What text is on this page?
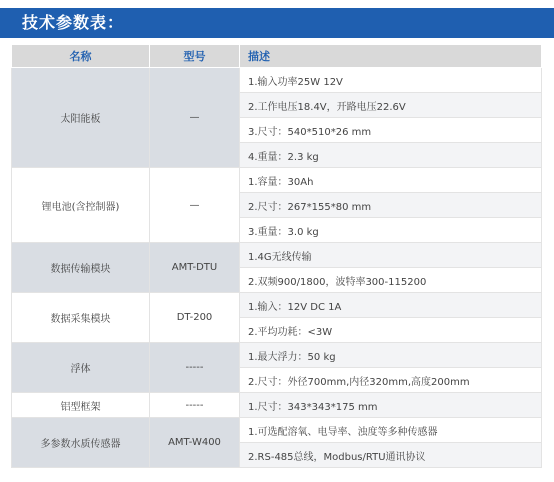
技术参数表：
名称	型号	描述
太阳能板	—	1.输入功率25W 12V
		2.工作电压18.4V，开路电压22.6V
		3.尺寸：540*510*26 mm
		4.重量：2.3 kg
锂电池(含控制器)	—	1.容量：30Ah
		2.尺寸：267*155*80 mm
		3.重量：3.0 kg
数据传输模块	AMT-DTU	1.4G无线传输
		2.双频900/1800，波特率300-115200
数据采集模块	DT-200	1.输入：12V DC 1A
		2.平均功耗：<3W
浮体	-----	1.最大浮力：50 kg
		2.尺寸：外径700mm,内径320mm,高度200mm
铝型框架	-----	1.尺寸：343*343*175 mm
多参数水质传感器	AMT-W400	1.可选配溶氧、电导率、浊度等多种传感器
		2.RS-485总线，Modbus/RTU通讯协议
